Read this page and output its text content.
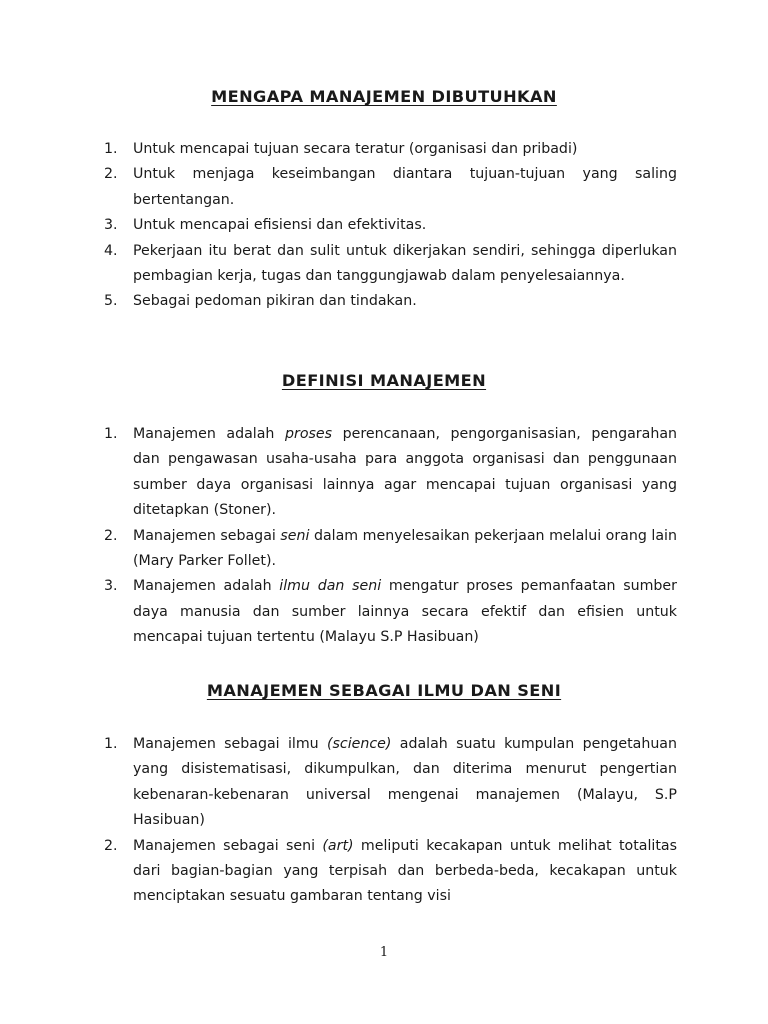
MENGAPA MANAJEMEN DIBUTUHKAN
1. Untuk mencapai tujuan secara teratur (organisasi dan pribadi)
2. Untuk menjaga keseimbangan diantara tujuan-tujuan yang saling bertentangan.
3. Untuk mencapai efisiensi dan efektivitas.
4. Pekerjaan itu berat dan sulit untuk dikerjakan sendiri, sehingga diperlukan pembagian kerja, tugas dan tanggungjawab dalam penyelesaiannya.
5. Sebagai pedoman pikiran dan tindakan.
DEFINISI MANAJEMEN
1. Manajemen adalah proses perencanaan, pengorganisasian, pengarahan dan pengawasan usaha-usaha para anggota organisasi dan penggunaan sumber daya organisasi lainnya agar mencapai tujuan organisasi yang ditetapkan (Stoner).
2. Manajemen sebagai seni dalam menyelesaikan pekerjaan melalui orang lain (Mary Parker Follet).
3. Manajemen adalah ilmu dan seni mengatur proses pemanfaatan sumber daya manusia dan sumber lainnya secara efektif dan efisien untuk mencapai tujuan tertentu (Malayu S.P Hasibuan)
MANAJEMEN SEBAGAI ILMU DAN SENI
1. Manajemen sebagai ilmu (science) adalah suatu kumpulan pengetahuan yang disistematisasi, dikumpulkan, dan diterima menurut pengertian kebenaran-kebenaran universal mengenai manajemen (Malayu, S.P Hasibuan)
2. Manajemen sebagai seni (art) meliputi kecakapan untuk melihat totalitas dari bagian-bagian yang terpisah dan berbeda-beda, kecakapan untuk menciptakan sesuatu gambaran tentang visi
1
